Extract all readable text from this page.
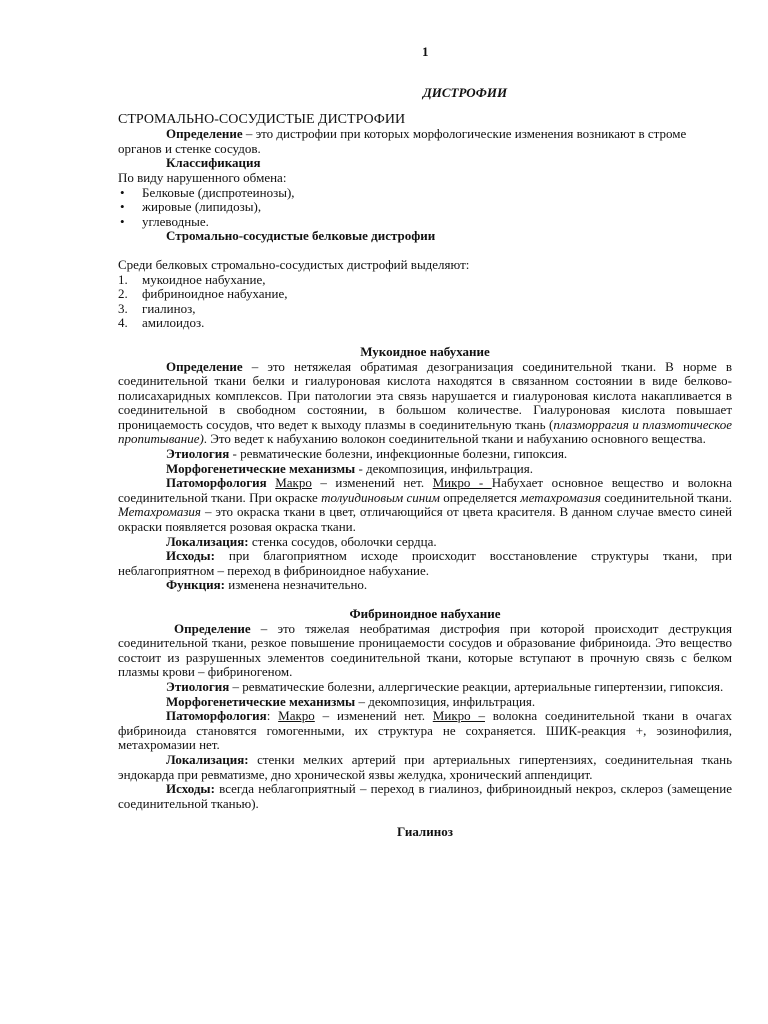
1
ДИСТРОФИИ

СТРОМАЛЬНО-СОСУДИСТЫЕ ДИСТРОФИИ

Определение – это дистрофии при которых морфологические изменения возникают в строме органов и стенке сосудов.

Классификация

По виду нарушенного обмена:

• Белковые (диспротеинозы),
• жировые (липидозы),
• углеводные.

Стромально-сосудистые белковые дистрофии

Среди белковых стромально-сосудистых дистрофий выделяют:

1. мукоидное набухание,
2. фибриноидное набухание,
3. гиалиноз,
4. амилоидоз.

Мукоидное набухание

Определение – это нетяжелая обратимая дезогранизация соединительной ткани. В норме в соединительной ткани белки и гиалуроновая кислота находятся в связанном состоянии в виде белково-полисахаридных комплексов. При патологии эта связь нарушается и гиалуроновая кислота накапливается в соединительной в свободном состоянии, в большом количестве. Гиалуроновая кислота повышает проницаемость сосудов, что ведет к выходу плазмы в соединительную ткань (плазморрагия и плазмотическое пропитывание). Это ведет к набуханию волокон соединительной ткани и набуханию основного вещества.

Этиология - ревматические болезни, инфекционные болезни, гипоксия.

Морфогенетические механизмы - декомпозиция, инфильтрация.

Патоморфология Макро – изменений нет. Микро - Набухает основное вещество и волокна соединительной ткани. При окраске толуидиновым синим определяется метахромазия соединительной ткани. Метахромазия – это окраска ткани в цвет, отличающийся от цвета красителя. В данном случае вместо синей окраски появляется розовая окраска ткани.

Локализация: стенка сосудов, оболочки сердца.

Исходы: при благоприятном исходе происходит восстановление структуры ткани, при неблагоприятном – переход в фибриноидное набухание.

Функция: изменена незначительно.

Фибриноидное набухание

Определение – это тяжелая необратимая дистрофия при которой происходит деструкция соединительной ткани, резкое повышение проницаемости сосудов и образование фибриноида. Это вещество состоит из разрушенных элементов соединительной ткани, которые вступают в прочную связь с белком плазмы крови – фибриногеном.

Этиология – ревматические болезни, аллергические реакции, артериальные гипертензии, гипоксия.

Морфогенетические механизмы – декомпозиция, инфильтрация.

Патоморфология: Макро – изменений нет. Микро – волокна соединительной ткани в очагах фибриноида становятся гомогенными, их структура не сохраняется. ШИК-реакция +, эозинофилия, метахромазии нет.

Локализация: стенки мелких артерий при артериальных гипертензиях, соединительная ткань эндокарда при ревматизме, дно хронической язвы желудка, хронический аппендицит.

Исходы: всегда неблагоприятный – переход в гиалиноз, фибриноидный некроз, склероз (замещение соединительной тканью).

Гиалиноз
